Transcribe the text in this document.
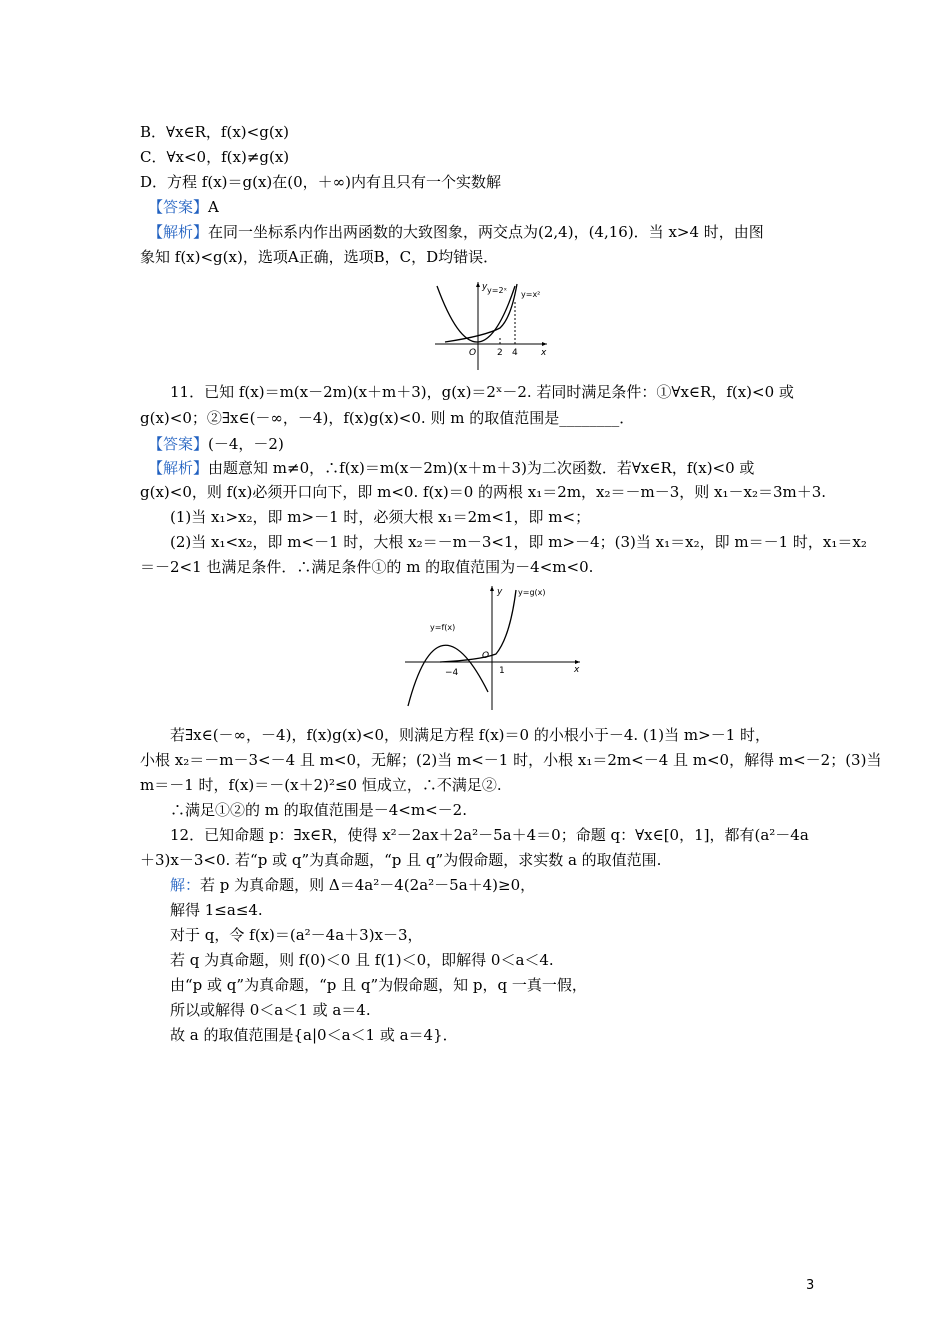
B．∀x∈R，f(x)<g(x)
C．∀x<0，f(x)≠g(x)
D．方程 f(x)＝g(x)在(0，＋∞)内有且只有一个实数解
【答案】A
【解析】在同一坐标系内作出两函数的大致图象，两交点为(2,4)，(4,16)．当 x>4 时，由图
象知 f(x)<g(x)，选项A正确，选项B，C，D均错误．
y y=2ˣ y=x²
O 2 4	x
11．已知 f(x)＝m(x－2m)(x＋m＋3)，g(x)＝2ˣ－2. 若同时满足条件：①∀x∈R，f(x)<0 或
g(x)<0；②∃x∈(－∞，－4)，f(x)g(x)<0. 则 m 的取值范围是________．
【答案】(－4，－2)
【解析】由题意知 m≠0，∴f(x)＝m(x－2m)(x＋m＋3)为二次函数．若∀x∈R，f(x)<0 或
g(x)<0，则 f(x)必须开口向下，即 m<0. f(x)＝0 的两根 x₁＝2m，x₂＝－m－3，则 x₁－x₂＝3m＋3.
(1)当 x₁>x₂，即 m>－1 时，必须大根 x₁＝2m<1，即 m<；
(2)当 x₁<x₂，即 m<－1 时，大根 x₂＝－m－3<1，即 m>－4；(3)当 x₁＝x₂，即 m＝－1 时，x₁＝x₂
＝－2<1 也满足条件．∴满足条件①的 m 的取值范围为－4<m<0.
y y=g(x)
y=f(x)
O
−4	1	x
若∃x∈(－∞，－4)，f(x)g(x)<0，则满足方程 f(x)＝0 的小根小于－4. (1)当 m>－1 时，
小根 x₂＝－m－3<－4 且 m<0，无解；(2)当 m<－1 时，小根 x₁＝2m<－4 且 m<0，解得 m<－2；(3)当
m＝－1 时，f(x)＝－(x＋2)²≤0 恒成立，∴不满足②.
∴满足①②的 m 的取值范围是－4<m<－2.
12．已知命题 p：∃x∈R，使得 x²－2ax＋2a²－5a＋4＝0；命题 q：∀x∈[0，1]，都有(a²－4a
＋3)x－3<0. 若“p 或 q”为真命题，“p 且 q”为假命题，求实数 a 的取值范围.
解：若 p 为真命题，则 Δ＝4a²－4(2a²－5a＋4)≥0，
解得 1≤a≤4.
对于 q，令 f(x)＝(a²－4a＋3)x－3，
若 q 为真命题，则 f(0)＜0 且 f(1)＜0，即解得 0＜a＜4.
由“p 或 q”为真命题，“p 且 q”为假命题，知 p，q 一真一假，
所以或解得 0＜a＜1 或 a＝4.
故 a 的取值范围是{a|0＜a＜1 或 a＝4}．
3
